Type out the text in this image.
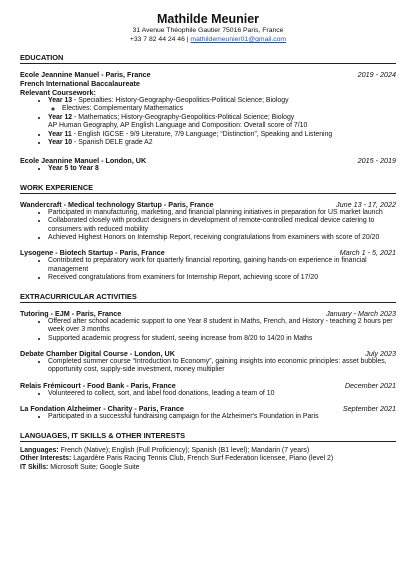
Mathilde Meunier
31 Avenue Théophile Gautier 75016 Paris, France
+33 7 82 44 24 46 | mathildemeunier01@gmail.com
EDUCATION
Ecole Jeannine Manuel - Paris, France	2019 - 2024
French International Baccalaureate
Relevant Coursework:
• Year 13 - Specialties: History-Geography-Geopolitics-Political Science; Biology
◦ Electives: Complementary Mathematics
• Year 12 - Mathematics; History-Geography-Geopolitics-Political Science; Biology
AP Human Geography, AP English Language and Composition: Overall score of 7/10
• Year 11 - English IGCSE - 9/9 Literature, 7/9 Language; “Distinction”, Speaking and Listening
• Year 10 - Spanish DELE grade A2
Ecole Jeannine Manuel - London, UK	2015 - 2019
• Year 5 to Year 8
WORK EXPERIENCE
Wandercraft - Medical technology Startup - Paris, France	June 13 - 17, 2022
• Participated in manufacturing, marketing, and financial planning initiatives in preparation for US market launch
• Collaborated closely with product designers in development of remote-controlled medical device catering to consumers with reduced mobility
• Achieved Highest Honors on Internship Report, receiving congratulations from examiners with score of 20/20
Lysogene - Biotech Startup - Paris, France	March 1 - 5, 2021
• Contributed to preparatory work for quarterly financial reporting, gaining hands-on experience in financial management
• Received congratulations from examiners for Internship Report, achieving score of 17/20
EXTRACURRICULAR ACTIVITIES
Tutoring - EJM - Paris, France	January - March 2023
• Offered after school academic support to one Year 8 student in Maths, French, and History - teaching 2 hours per week over 3 months
• Supported academic progress for student, seeing increase from 8/20 to 14/20 in Maths
Debate Chamber Digital Course - London, UK	July 2023
• Completed summer course “Introduction to Economy”, gaining insights into economic principles: asset bubbles, opportunity cost, supply-side investment, money multiplier
Relais Frémicourt - Food Bank - Paris, France	December 2021
• Volunteered to collect, sort, and label food donations, leading a team of 10
La Fondation Alzheimer - Charity - Paris, France	September 2021
• Participated in a successful fundraising campaign for the Alzheimer's Foundation in Paris
LANGUAGES, IT SKILLS & OTHER INTERESTS
Languages: French (Native); English (Full Proficiency); Spanish (B1 level); Mandarin (7 years)
Other Interests: Lagardère Paris Racing Tennis Club, French Surf Federation licensee, Piano (level 2)
IT Skills: Microsoft Suite; Google Suite
